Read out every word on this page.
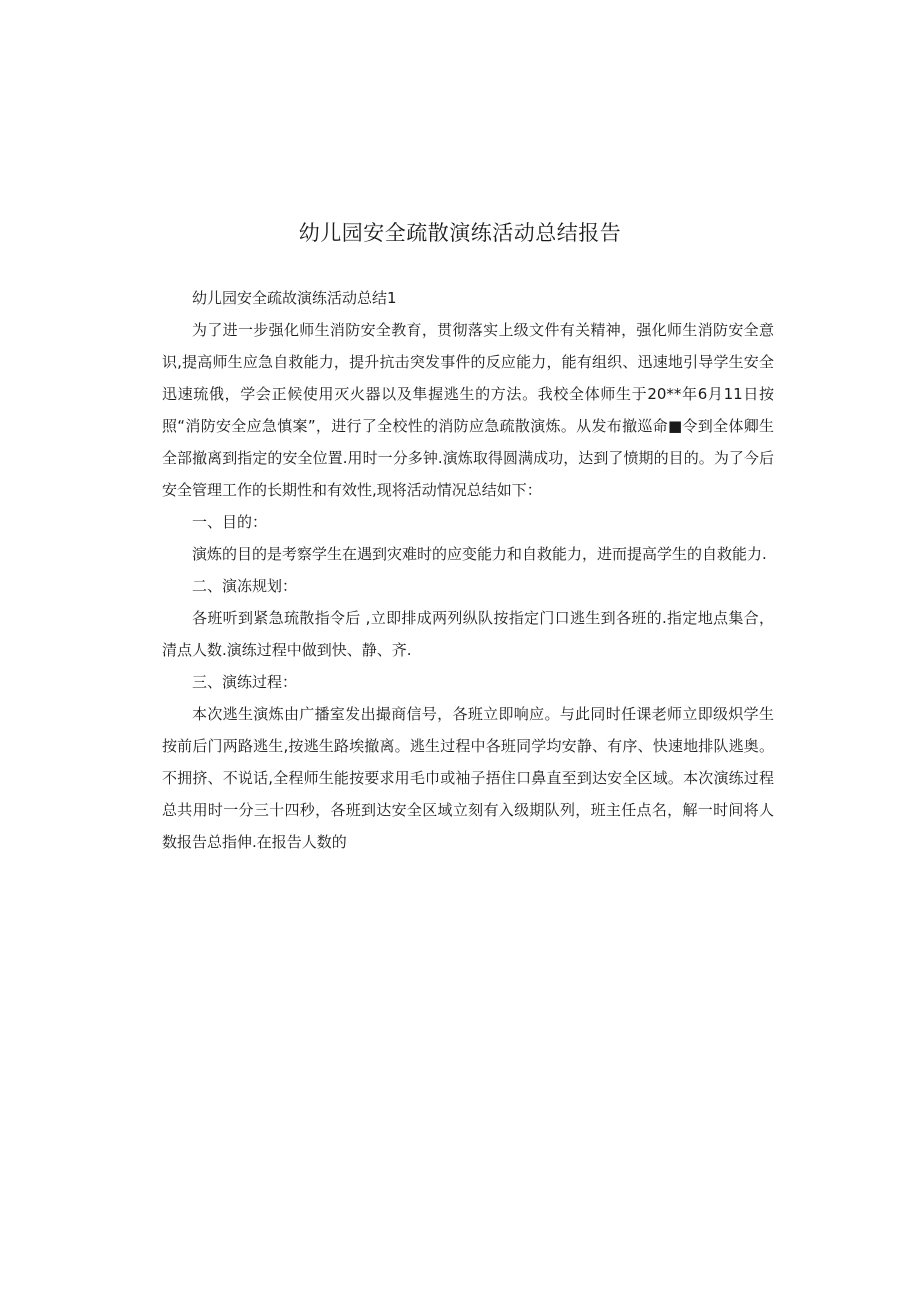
幼儿园安全疏散演练活动总结报告

幼儿园安全疏故演练活动总结1

为了进一步强化师生消防安全教育，贯彻落实上级文件有关精神，强化师生消防安全意识,提高师生应急自救能力，提升抗击突发事件的反应能力，能有组织、迅速地引导学生安全迅速琉俄，学会正候使用灭火器以及隼握逃生的方法。我校全体师生于20**年6月11日按照“消防安全应急慎案”，进行了全校性的消防应急疏散演炼。从发布撤巡命■令到全体卿生全部撤离到指定的安全位置.用时一分多钟.演炼取得圆满成功，达到了愤期的目的。为了今后安全管理工作的长期性和有效性,现将活动情况总结如下：

一、目的：

演炼的目的是考察学生在遇到灾难时的应变能力和自救能力，进而提高学生的自救能力.

二、演冻规划：

各班听到紧急琉散指令后 ,立即排成两列纵队按指定门口逃生到各班的.指定地点集合，清点人数.演练过程中做到快、静、齐.

三、演练过程：

本次逃生演炼由广播室发出撮商信号，各班立即响应。与此同时任课老师立即级炽学生按前后门两路逃生,按逃生路埃撤离。逃生过程中各班同学均安静、有序、快速地排队逃奥。不拥挤、不说话,全程师生能按要求用毛巾或袖子捂住口鼻直至到达安全区域。本次演练过程总共用时一分三十四秒，各班到达安全区域立刻有入级期队列，班主任点名，解一时间将人数报告总指伸.在报告人数的
